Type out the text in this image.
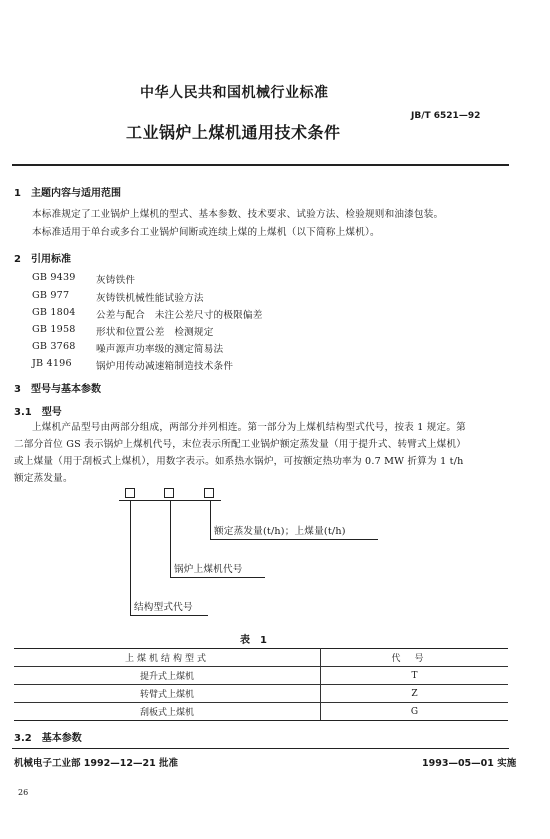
中华人民共和国机械行业标准
JB/T 6521—92
工业锅炉上煤机通用技术条件
1　主题内容与适用范围
本标准规定了工业锅炉上煤机的型式、基本参数、技术要求、试验方法、检验规则和油漆包装。
本标准适用于单台或多台工业锅炉间断或连续上煤的上煤机（以下简称上煤机）。
2　引用标准
GB 9439 灰铸铁件
GB 977	灰铸铁机械性能试验方法
GB 1804 公差与配合　未注公差尺寸的极限偏差
GB 1958 形状和位置公差　检测规定
GB 3768 噪声源声功率级的测定简易法
JB 4196	锅炉用传动减速箱制造技术条件
3　型号与基本参数
3.1　型号
上煤机产品型号由两部分组成，两部分并列相连。第一部分为上煤机结构型式代号，按表 1 规定。第
二部分首位 GS 表示锅炉上煤机代号，末位表示所配工业锅炉额定蒸发量（用于提升式、转臂式上煤机）
或上煤量（用于刮板式上煤机），用数字表示。如系热水锅炉，可按额定热功率为 0.7 MW 折算为 1 t/h
额定蒸发量。
额定蒸发量(t/h)；上煤量(t/h)
锅炉上煤机代号
结构型式代号
表　1
上煤机结构型式	代号
提升式上煤机	T
转臂式上煤机	Z
刮板式上煤机	G
3.2　基本参数
机械电子工业部 1992—12—21 批准	1993—05—01 实施
26
